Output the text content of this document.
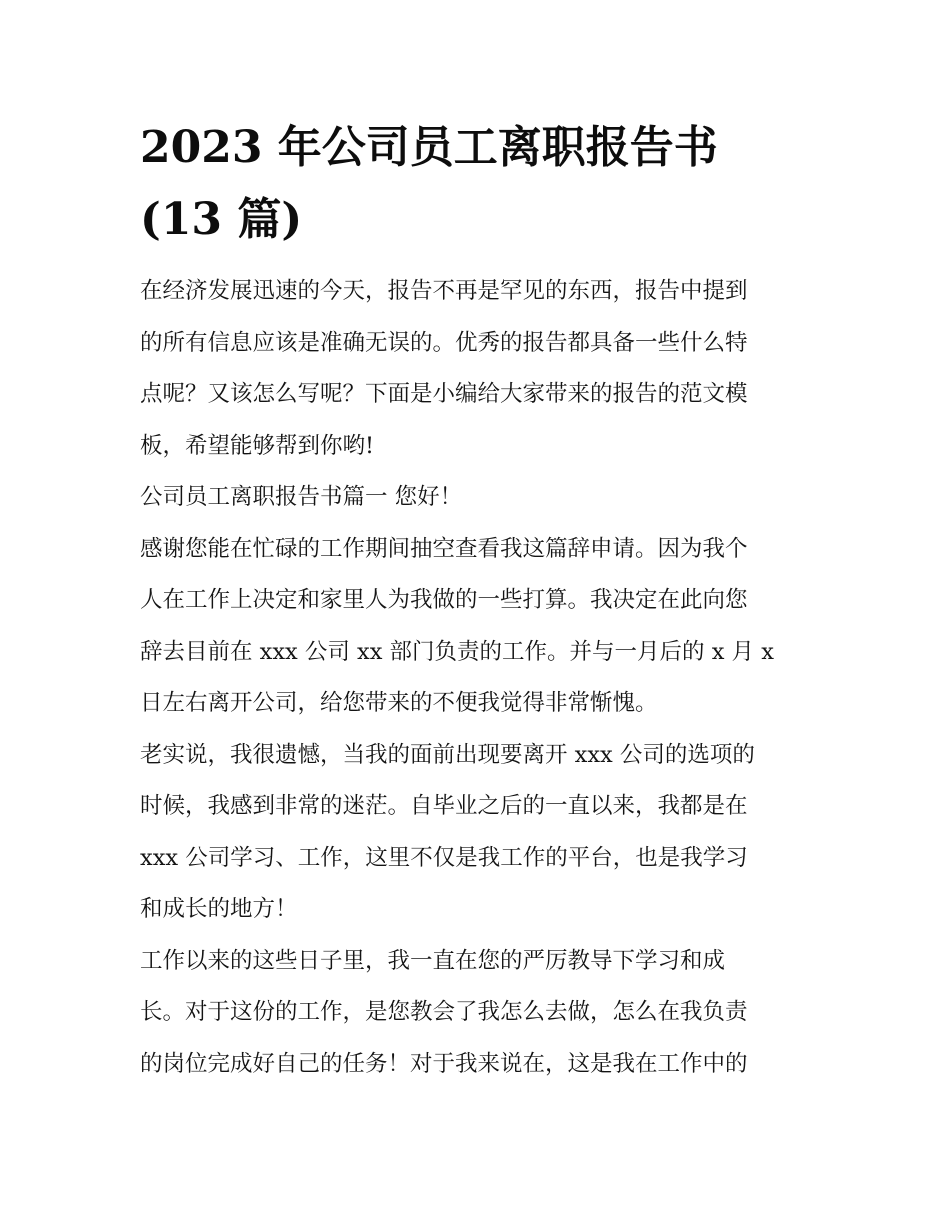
2023 年公司员工离职报告书
(13 篇)

在经济发展迅速的今天，报告不再是罕见的东西，报告中提到
的所有信息应该是准确无误的。优秀的报告都具备一些什么特
点呢？又该怎么写呢？下面是小编给大家带来的报告的范文模
板，希望能够帮到你哟!

公司员工离职报告书篇一 您好！

感谢您能在忙碌的工作期间抽空查看我这篇辞申请。因为我个
人在工作上决定和家里人为我做的一些打算。我决定在此向您
辞去目前在 xxx 公司 xx 部门负责的工作。并与一月后的 x 月 x
日左右离开公司，给您带来的不便我觉得非常惭愧。

老实说，我很遗憾，当我的面前出现要离开 xxx 公司的选项的
时候，我感到非常的迷茫。自毕业之后的一直以来，我都是在
xxx 公司学习、工作，这里不仅是我工作的平台，也是我学习
和成长的地方！

工作以来的这些日子里，我一直在您的严厉教导下学习和成
长。对于这份的工作，是您教会了我怎么去做，怎么在我负责
的岗位完成好自己的任务！对于我来说在，这是我在工作中的
